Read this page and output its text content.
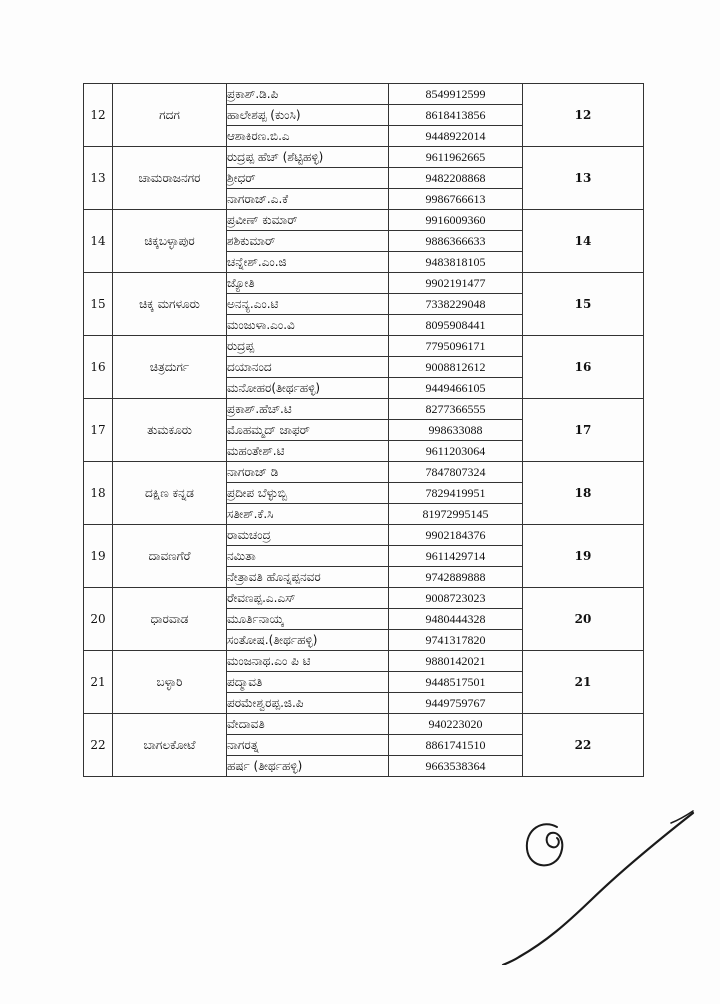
12	ಗದಗ	ಪ್ರಕಾಶ್.ಡಿ.ಪಿ	8549912599	12
		ಹಾಲೇಶಪ್ಪ (ಕುಂಸಿ)	8618413856	
		ಆಶಾಕಿರಣ.ಬಿ.ಎ	9448922014	
13	ಚಾಮರಾಜನಗರ	ರುದ್ರಪ್ಪ ಹೆಚ್ (ಶೆಟ್ಟಿಹಳ್ಳಿ)	9611962665	13
		ಶ್ರೀಧರ್	9482208868	
		ನಾಗರಾಜ್.ಎ.ಕೆ	9986766613	
14	ಚಿಕ್ಕಬಳ್ಳಾಪುರ	ಪ್ರವೀಣ್ ಕುಮಾರ್	9916009360	14
		ಶಶಿಕುಮಾರ್	9886366633	
		ಚನ್ನೇಶ್.ಎಂ.ಜಿ	9483818105	
15	ಚಿಕ್ಕ ಮಗಳೂರು	ಜ್ಯೋತಿ	9902191477	15
		ಅನನ್ಯ.ಎಂ.ಟಿ	7338229048	
		ಮಂಜುಳಾ.ಎಂ.ವಿ	8095908441	
16	ಚಿತ್ರದುರ್ಗ	ರುದ್ರಪ್ಪ	7795096171	16
		ದಯಾನಂದ	9008812612	
		ಮನೋಹರ(ತೀರ್ಥಹಳ್ಳಿ)	9449466105	
17	ತುಮಕೂರು	ಪ್ರಕಾಶ್.ಹೆಚ್.ಟಿ	8277366555	17
		ಮೊಹಮ್ಮದ್ ಜಾಫರ್	998633088	
		ಮಹಂತೇಶ್.ಟಿ	9611203064	
18	ದಕ್ಷಿಣ ಕನ್ನಡ	ನಾಗರಾಜ್ ಡಿ	7847807324	18
		ಪ್ರದೀಪ ಬೆಳ್ಳುಬ್ಬಿ	7829419951	
		ಸತೀಶ್.ಕೆ.ಸಿ	81972995145	
19	ದಾವಣಗೆರೆ	ರಾಮಚಂದ್ರ	9902184376	19
		ನಮಿತಾ	9611429714	
		ನೇತ್ರಾವತಿ ಹೊನ್ನಪ್ಪನವರ	9742889888	
20	ಧಾರವಾಡ	ರೇವಣಪ್ಪ.ಎ.ಎಸ್	9008723023	20
		ಮೂರ್ತಿನಾಯ್ಕ	9480444328	
		ಸಂತೋಷ.(ತೀರ್ಥಹಳ್ಳಿ)	9741317820	
21	ಬಳ್ಳಾರಿ	ಮಂಜನಾಥ.ಎಂ ಪಿ ಟಿ	9880142021	21
		ಪದ್ಮಾವತಿ	9448517501	
		ಪರಮೇಶ್ವರಪ್ಪ.ಜಿ.ಪಿ	9449759767	
22	ಬಾಗಲಕೋಟೆ	ವೇದಾವತಿ	940223020	22
		ನಾಗರತ್ನ	8861741510	
		ಹರ್ಷ (ತೀರ್ಥಹಳ್ಳಿ)	9663538364	
